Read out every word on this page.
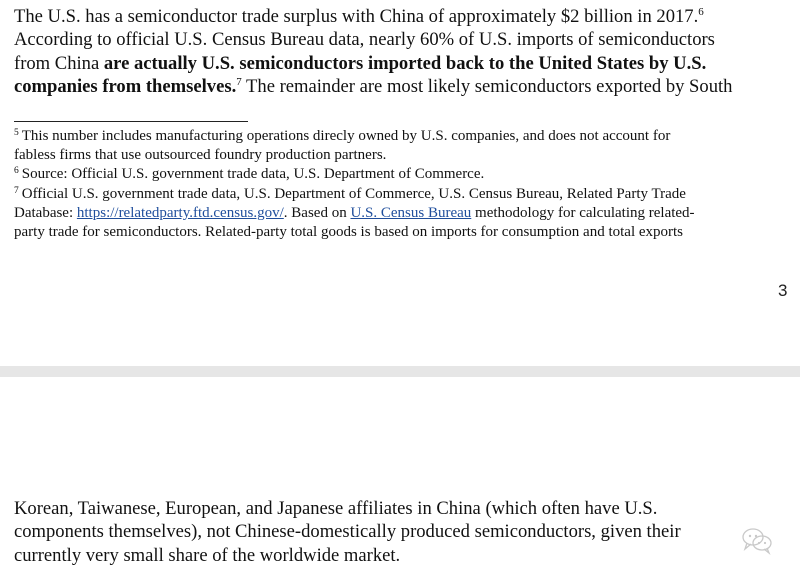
The U.S. has a semiconductor trade surplus with China of approximately $2 billion in 2017.$^6$
According to official U.S. Census Bureau data, nearly 60% of U.S. imports of semiconductors
from China are actually U.S. semiconductors imported back to the United States by U.S.
companies from themselves.$^7$ The remainder are most likely semiconductors exported by South
$^5$ This number includes manufacturing operations direcly owned by U.S. companies, and does not account for
fabless firms that use outsourced foundry production partners.
$^6$ Source: Official U.S. government trade data, U.S. Department of Commerce.
$^7$ Official U.S. government trade data, U.S. Department of Commerce, U.S. Census Bureau, Related Party Trade
Database: https://relatedparty.ftd.census.gov/. Based on U.S. Census Bureau methodology for calculating related-
party trade for semiconductors. Related-party total goods is based on imports for consumption and total exports
3
Korean, Taiwanese, European, and Japanese affiliates in China (which often have U.S.
components themselves), not Chinese-domestically produced semiconductors, given their
currently very small share of the worldwide market.
